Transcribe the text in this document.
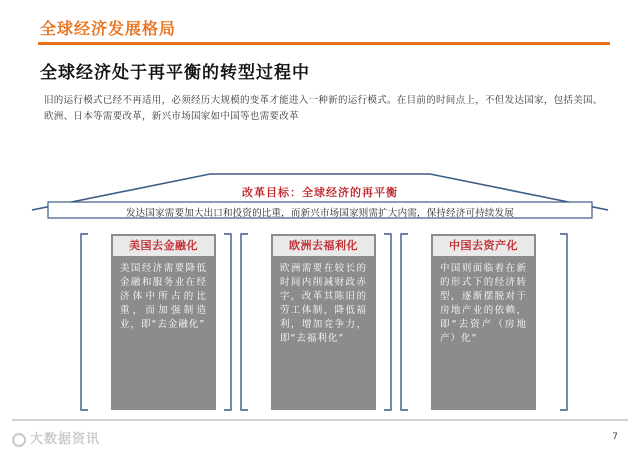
全球经济发展格局
全球经济处于再平衡的转型过程中
旧的运行模式已经不再适用，必须经历大规模的变革才能进入一种新的运行模式。在目前的时间点上，不但发达国家，包括美国、欧洲、日本等需要改革，新兴市场国家如中国等也需要改革
改革目标：全球经济的再平衡
发达国家需要加大出口和投资的比重，而新兴市场国家则需扩大内需，保持经济可持续发展
美国去金融化
美国经济需要降低金融和服务业在经济体中所占的比重，而加强制造业，即“去金融化”
欧洲去福利化
欧洲需要在较长的时间内削减财政赤字，改革其陈旧的劳工体制，降低福利，增加竞争力，即“去福利化”
中国去资产化
中国则面临着在新的形式下的经济转型，逐渐摆脱对于房地产业的依赖，即“去资产（房地产）化”
大数据资讯	7
